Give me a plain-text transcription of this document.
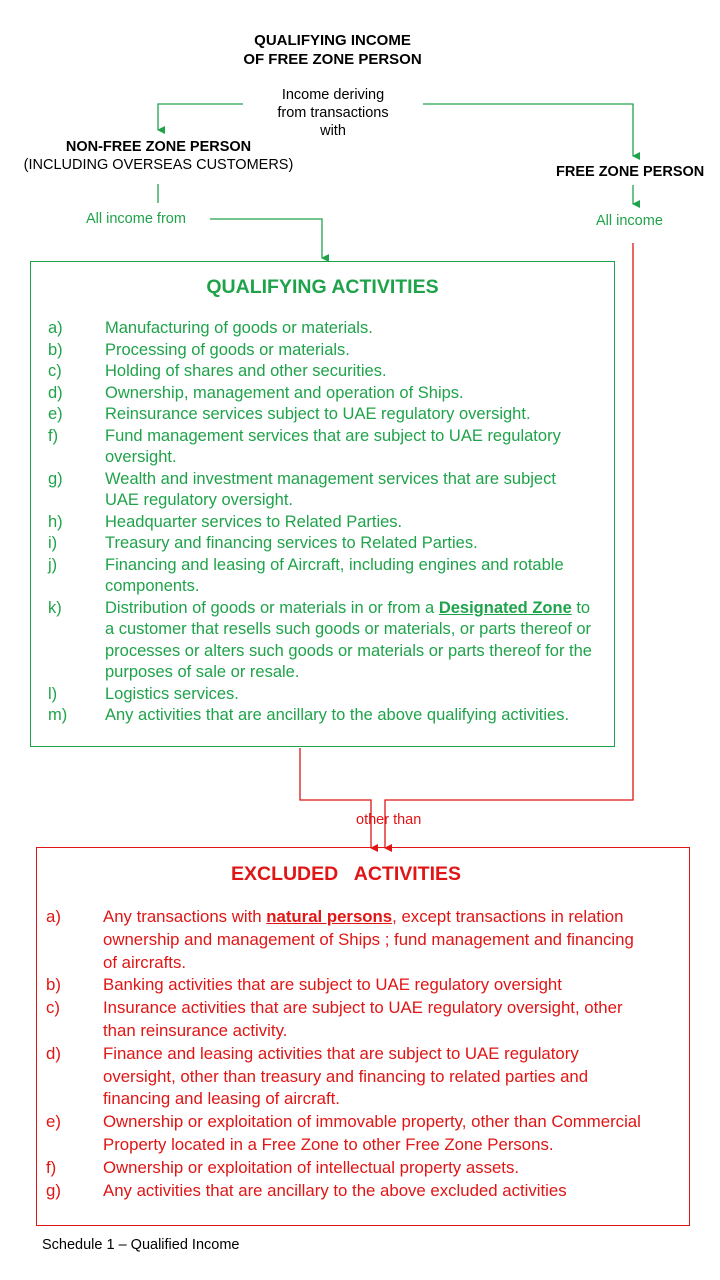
QUALIFYING INCOME
OF FREE ZONE PERSON
Income deriving
from transactions
with
NON-FREE ZONE PERSON
(INCLUDING OVERSEAS CUSTOMERS)
All income from
FREE ZONE PERSON
All income
QUALIFYING ACTIVITIES
a)	Manufacturing of goods or materials.
b)	Processing of goods or materials.
c)	Holding of shares and other securities.
d)	Ownership, management and operation of Ships.
e)	Reinsurance services subject to UAE regulatory oversight.
f)	Fund management services that are subject to UAE regulatory oversight.
g)	Wealth and investment management services that are subject UAE regulatory oversight.
h)	Headquarter services to Related Parties.
i)	Treasury and financing services to Related Parties.
j)	Financing and leasing of Aircraft, including engines and rotable components.
k)	Distribution of goods or materials in or from a Designated Zone to a customer that resells such goods or materials, or parts thereof or processes or alters such goods or materials or parts thereof for the purposes of sale or resale.
l)	Logistics services.
m) Any activities that are ancillary to the above qualifying activities.
other than
EXCLUDED   ACTIVITIES
a)	Any transactions with natural persons, except transactions in relation ownership and management of Ships ; fund management and financing of aircrafts.
b)	Banking activities that are subject to UAE regulatory oversight
c)	Insurance activities that are subject to UAE regulatory oversight, other than reinsurance activity.
d)	Finance and leasing activities that are subject to UAE regulatory oversight, other than treasury and financing to related parties and financing and leasing of aircraft.
e)	Ownership or exploitation of immovable property, other than Commercial Property located in a Free Zone to other Free Zone Persons.
f)	Ownership or exploitation of intellectual property assets.
g)	Any activities that are ancillary to the above excluded activities
Schedule 1 – Qualified Income
